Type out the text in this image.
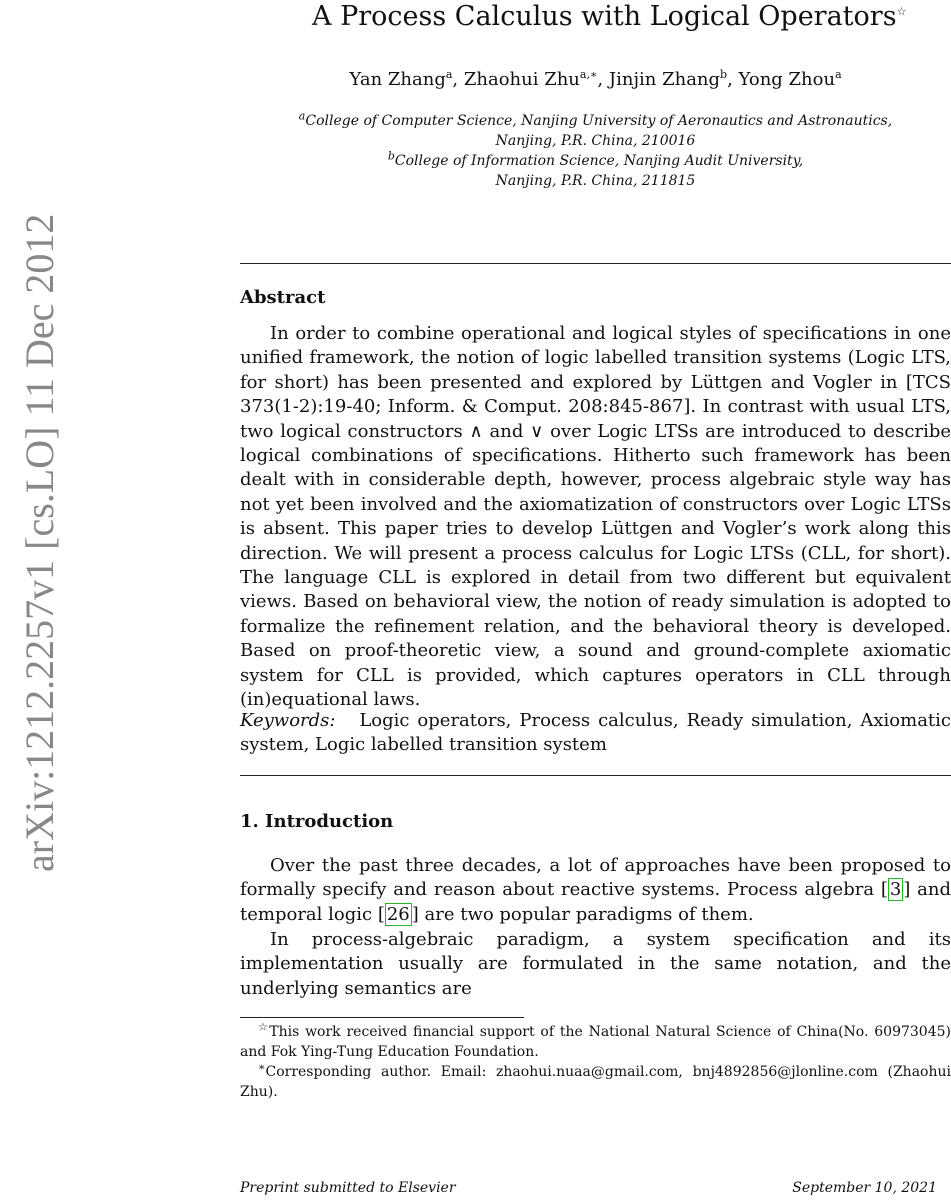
arXiv:1212.2257v1 [cs.LO] 11 Dec 2012
A Process Calculus with Logical Operators☆
Yan Zhang$^a$, Zhaohui Zhu$^{a,∗}$, Jinjin Zhang$^b$, Yong Zhou$^a$
$^a$College of Computer Science, Nanjing University of Aeronautics and Astronautics,
Nanjing, P.R. China, 210016
$^b$College of Information Science, Nanjing Audit University,
Nanjing, P.R. China, 211815
Abstract

In order to combine operational and logical styles of specifications in one unified framework, the notion of logic labelled transition systems (Logic LTS, for short) has been presented and explored by Lüttgen and Vogler in [TCS 373(1-2):19-40; Inform. & Comput. 208:845-867]. In contrast with usual LTS, two logical constructors ∧ and ∨ over Logic LTSs are introduced to describe logical combinations of specifications. Hitherto such framework has been dealt with in considerable depth, however, process algebraic style way has not yet been involved and the axiomatization of constructors over Logic LTSs is absent. This paper tries to develop Lüttgen and Vogler’s work along this direction. We will present a process calculus for Logic LTSs (CLL, for short). The language CLL is explored in detail from two different but equivalent views. Based on behavioral view, the notion of ready simulation is adopted to formalize the refinement relation, and the behavioral theory is developed. Based on proof-theoretic view, a sound and ground-complete axiomatic system for CLL is provided, which captures operators in CLL through (in)equational laws.

Keywords: Logic operators, Process calculus, Ready simulation, Axiomatic system, Logic labelled transition system

1. Introduction

Over the past three decades, a lot of approaches have been proposed to formally specify and reason about reactive systems. Process algebra [ 3 ] and temporal logic [ 26 ] are two popular paradigms of them.

In process-algebraic paradigm, a system specification and its implementation usually are formulated in the same notation, and the underlying semantics are

☆This work received financial support of the National Natural Science of China(No. 60973045) and Fok Ying-Tung Education Foundation.

∗Corresponding author. Email: zhaohui.nuaa@gmail.com, bnj4892856@jlonline.com (Zhaohui Zhu).

Preprint submitted to Elsevier	September 10, 2021
